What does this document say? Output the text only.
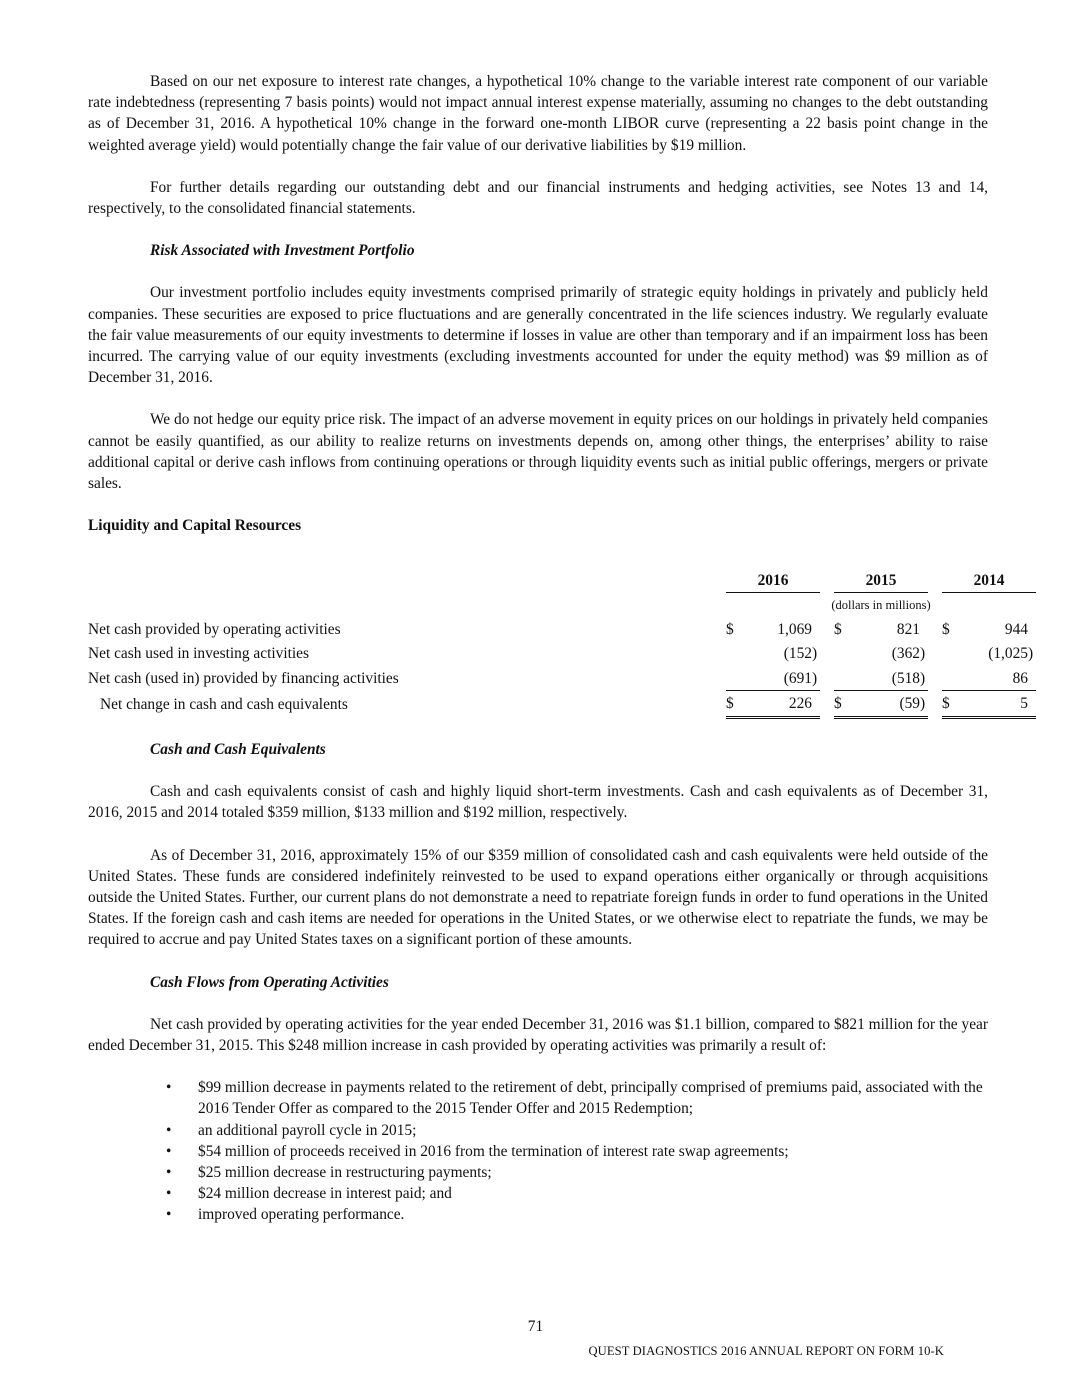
Based on our net exposure to interest rate changes, a hypothetical 10% change to the variable interest rate component of our variable rate indebtedness (representing 7 basis points) would not impact annual interest expense materially, assuming no changes to the debt outstanding as of December 31, 2016. A hypothetical 10% change in the forward one-month LIBOR curve (representing a 22 basis point change in the weighted average yield) would potentially change the fair value of our derivative liabilities by $19 million.

For further details regarding our outstanding debt and our financial instruments and hedging activities, see Notes 13 and 14, respectively, to the consolidated financial statements.

Risk Associated with Investment Portfolio

Our investment portfolio includes equity investments comprised primarily of strategic equity holdings in privately and publicly held companies. These securities are exposed to price fluctuations and are generally concentrated in the life sciences industry. We regularly evaluate the fair value measurements of our equity investments to determine if losses in value are other than temporary and if an impairment loss has been incurred. The carrying value of our equity investments (excluding investments accounted for under the equity method) was $9 million as of December 31, 2016.

We do not hedge our equity price risk. The impact of an adverse movement in equity prices on our holdings in privately held companies cannot be easily quantified, as our ability to realize returns on investments depends on, among other things, the enterprises’ ability to raise additional capital or derive cash inflows from continuing operations or through liquidity events such as initial public offerings, mergers or private sales.

Liquidity and Capital Resources

		2016				2015				2014		
		(dollars in millions)										
Net cash provided by operating activities		$	1,069			$	821			$	944	
Net cash used in investing activities			(152	)			(362	)			(1,025	)
Net cash (used in) provided by financing activities			(691	)			(518	)			86	
Net change in cash and cash equivalents		$	226			$	(59	)		$	5	

Cash and Cash Equivalents

Cash and cash equivalents consist of cash and highly liquid short-term investments. Cash and cash equivalents as of December 31, 2016, 2015 and 2014 totaled $359 million, $133 million and $192 million, respectively.

As of December 31, 2016, approximately 15% of our $359 million of consolidated cash and cash equivalents were held outside of the United States. These funds are considered indefinitely reinvested to be used to expand operations either organically or through acquisitions outside the United States. Further, our current plans do not demonstrate a need to repatriate foreign funds in order to fund operations in the United States. If the foreign cash and cash items are needed for operations in the United States, or we otherwise elect to repatriate the funds, we may be required to accrue and pay United States taxes on a significant portion of these amounts.

Cash Flows from Operating Activities

Net cash provided by operating activities for the year ended December 31, 2016 was $1.1 billion, compared to $821 million for the year ended December 31, 2015. This $248 million increase in cash provided by operating activities was primarily a result of:

• $99 million decrease in payments related to the retirement of debt, principally comprised of premiums paid, associated with the 2016 Tender Offer as compared to the 2015 Tender Offer and 2015 Redemption;
• an additional payroll cycle in 2015;
• $54 million of proceeds received in 2016 from the termination of interest rate swap agreements;
• $25 million decrease in restructuring payments;
• $24 million decrease in interest paid; and
• improved operating performance.
71
QUEST DIAGNOSTICS 2016 ANNUAL REPORT ON FORM 10-K
